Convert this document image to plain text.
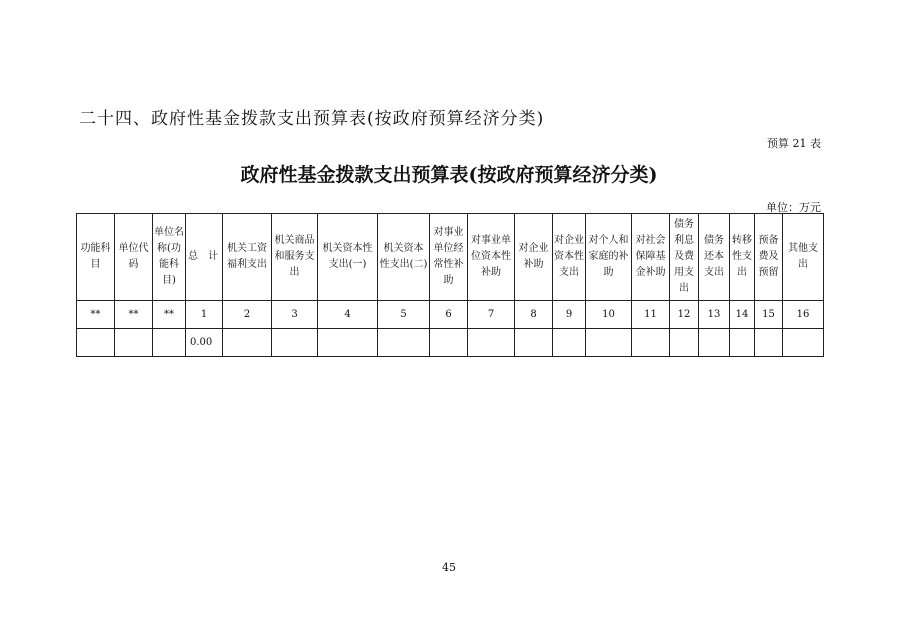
二十四、政府性基金拨款支出预算表(按政府预算经济分类)
预算 21 表
政府性基金拨款支出预算表(按政府预算经济分类)
单位：万元
功能科目	单位代码	单位名称(功能科目)	总　计	机关工资福利支出	机关商品和服务支出	机关资本性支出(一)	机关资本性支出(二)	对事业单位经常性补助	对事业单位资本性补助	对企业补助	对企业资本性支出	对个人和家庭的补助	对社会保障基金补助	债务利息及费用支出	债务还本支出	转移性支出	预备费及预留	其他支出
**	**	**	1	2	3	4	5	6	7	8	9	10	11	12	13	14	15	16
			0.00															
45
